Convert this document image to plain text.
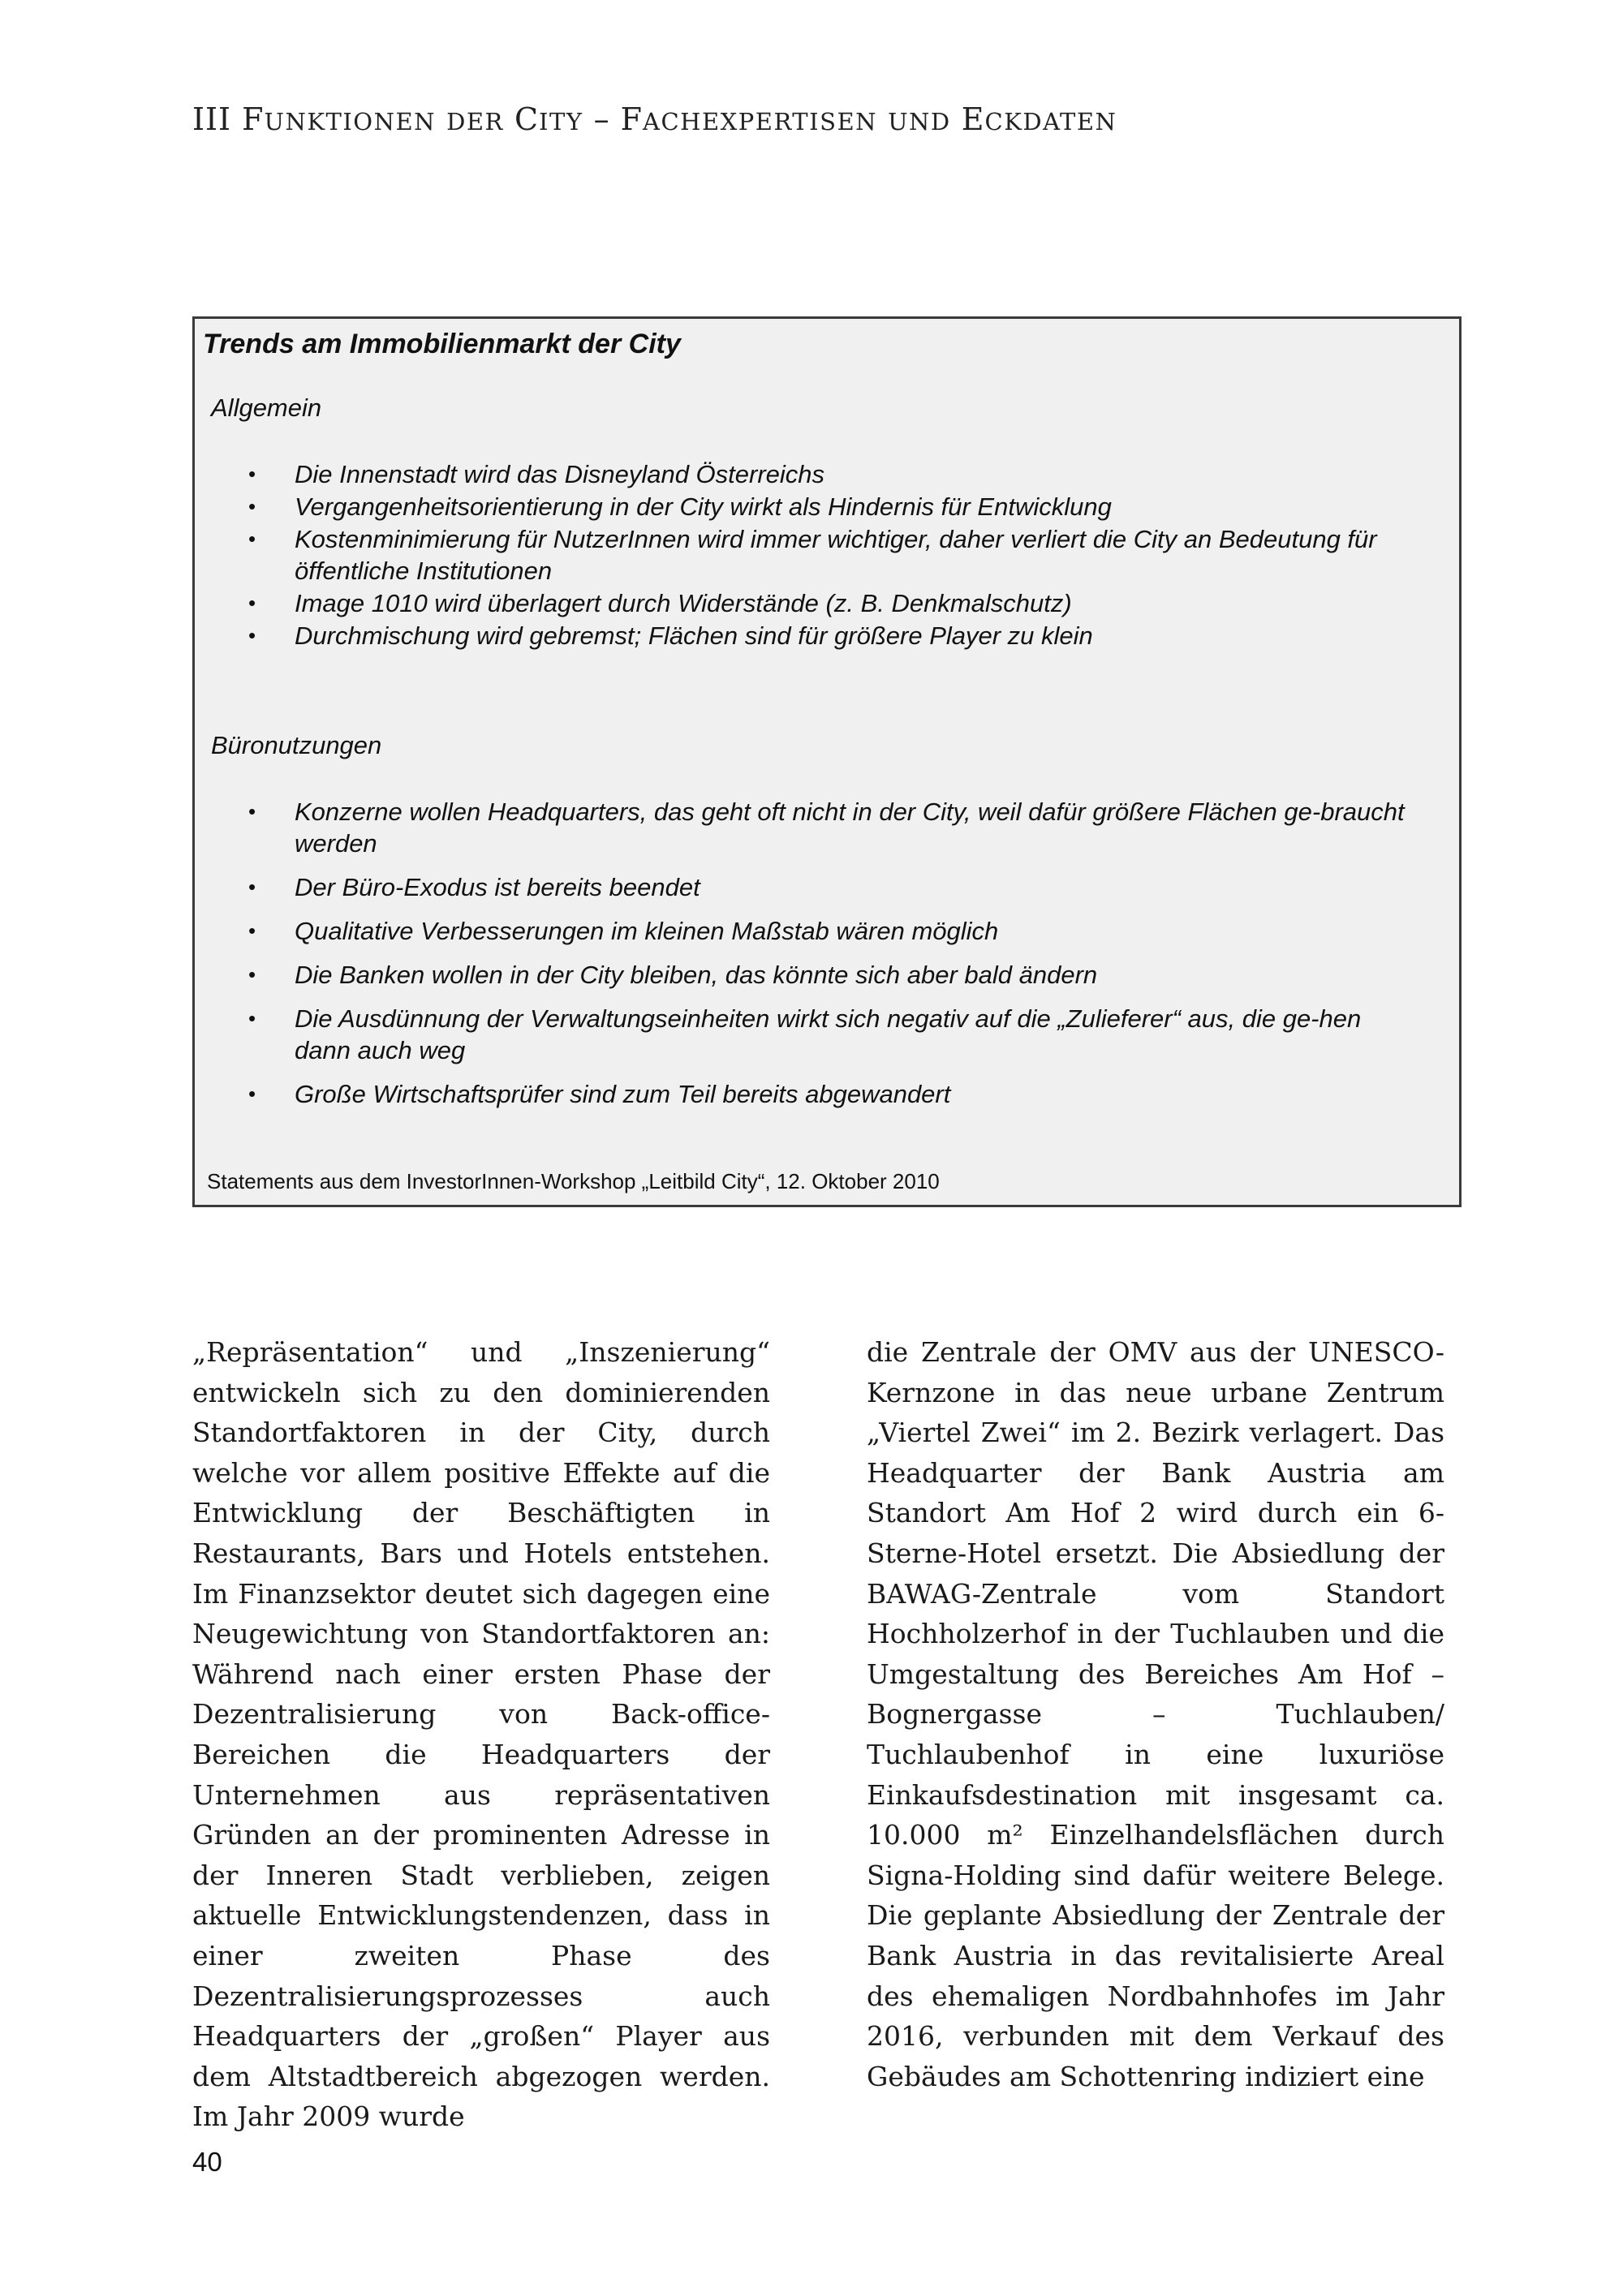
III FUNKTIONEN DER CITY – FACHEXPERTISEN UND ECKDATEN
Trends am Immobilienmarkt der City
Allgemein
• Die Innenstadt wird das Disneyland Österreichs
• Vergangenheitsorientierung in der City wirkt als Hindernis für Entwicklung
• Kostenminimierung für NutzerInnen wird immer wichtiger, daher verliert die City an Bedeutung für öffentliche Institutionen
• Image 1010 wird überlagert durch Widerstände (z. B. Denkmalschutz)
• Durchmischung wird gebremst; Flächen sind für größere Player zu klein
Büronutzungen
• Konzerne wollen Headquarters, das geht oft nicht in der City, weil dafür größere Flächen ge-braucht werden
• Der Büro-Exodus ist bereits beendet
• Qualitative Verbesserungen im kleinen Maßstab wären möglich
• Die Banken wollen in der City bleiben, das könnte sich aber bald ändern
• Die Ausdünnung der Verwaltungseinheiten wirkt sich negativ auf die „Zulieferer“ aus, die ge-hen dann auch weg
• Große Wirtschaftsprüfer sind zum Teil bereits abgewandert
Statements aus dem InvestorInnen-Workshop „Leitbild City“, 12. Oktober 2010
„Repräsentation“ und „Inszenierung“ entwickeln sich zu den dominierenden Standortfaktoren in der City, durch welche vor allem positive Effekte auf die Entwicklung der Beschäftigten in Restaurants, Bars und Hotels entstehen. Im Finanzsektor deutet sich dagegen eine Neugewichtung von Standortfaktoren an: Während nach einer ersten Phase der Dezentralisierung von Back-office-Bereichen die Headquarters der Unternehmen aus repräsentativen Gründen an der prominenten Adresse in der Inneren Stadt verblieben, zeigen aktuelle Entwicklungstendenzen, dass in einer zweiten Phase des Dezentralisierungsprozesses auch Headquarters der „großen“ Player aus dem Altstadtbereich abgezogen werden. Im Jahr 2009 wurde
die Zentrale der OMV aus der UNESCO-Kernzone in das neue urbane Zentrum „Viertel Zwei“ im 2. Bezirk verlagert. Das Headquarter der Bank Austria am Standort Am Hof 2 wird durch ein 6-Sterne-Hotel ersetzt. Die Absiedlung der BAWAG-Zentrale vom Standort Hochholzerhof in der Tuchlauben und die Umgestaltung des Bereiches Am Hof – Bognergasse – Tuchlauben/ Tuchlaubenhof in eine luxuriöse Einkaufsdestination mit insgesamt ca. 10.000 m² Einzelhandelsflächen durch Signa-Holding sind dafür weitere Belege. Die geplante Absiedlung der Zentrale der Bank Austria in das revitalisierte Areal des ehemaligen Nordbahnhofes im Jahr 2016, verbunden mit dem Verkauf des Gebäudes am Schottenring indiziert eine
40
